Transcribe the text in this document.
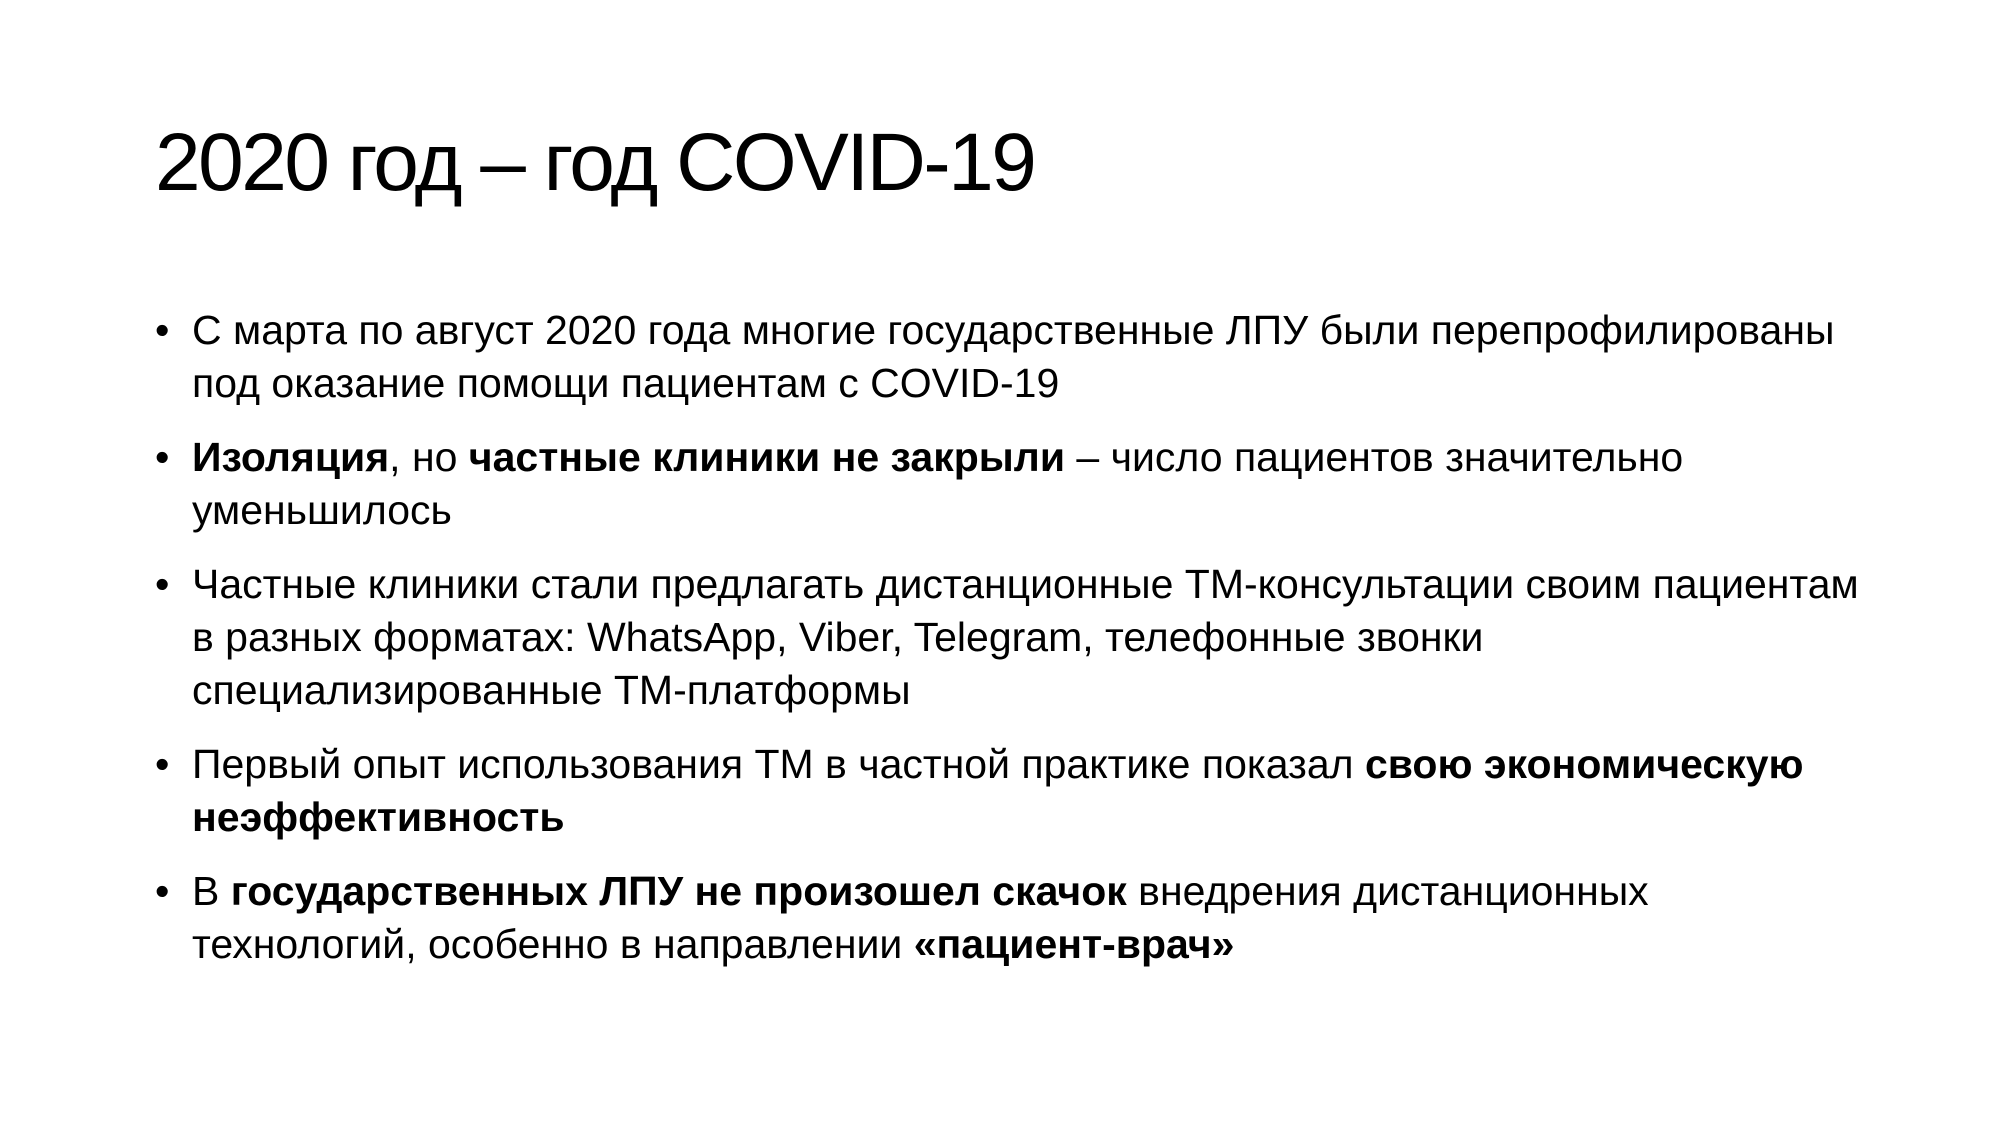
2020 год – год COVID-19
• С марта по август 2020 года многие государственные ЛПУ были перепрофилированы под оказание помощи пациентам с COVID-19
• Изоляция, но частные клиники не закрыли – число пациентов значительно уменьшилось
• Частные клиники стали предлагать дистанционные ТМ-консультации своим пациентам в разных форматах: WhatsApp, Viber, Telegram, телефонные звонки специализированные ТМ-платформы
• Первый опыт использования ТМ в частной практике показал свою экономическую неэффективность
• В государственных ЛПУ не произошел скачок внедрения дистанционных технологий, особенно в направлении «пациент-врач»
